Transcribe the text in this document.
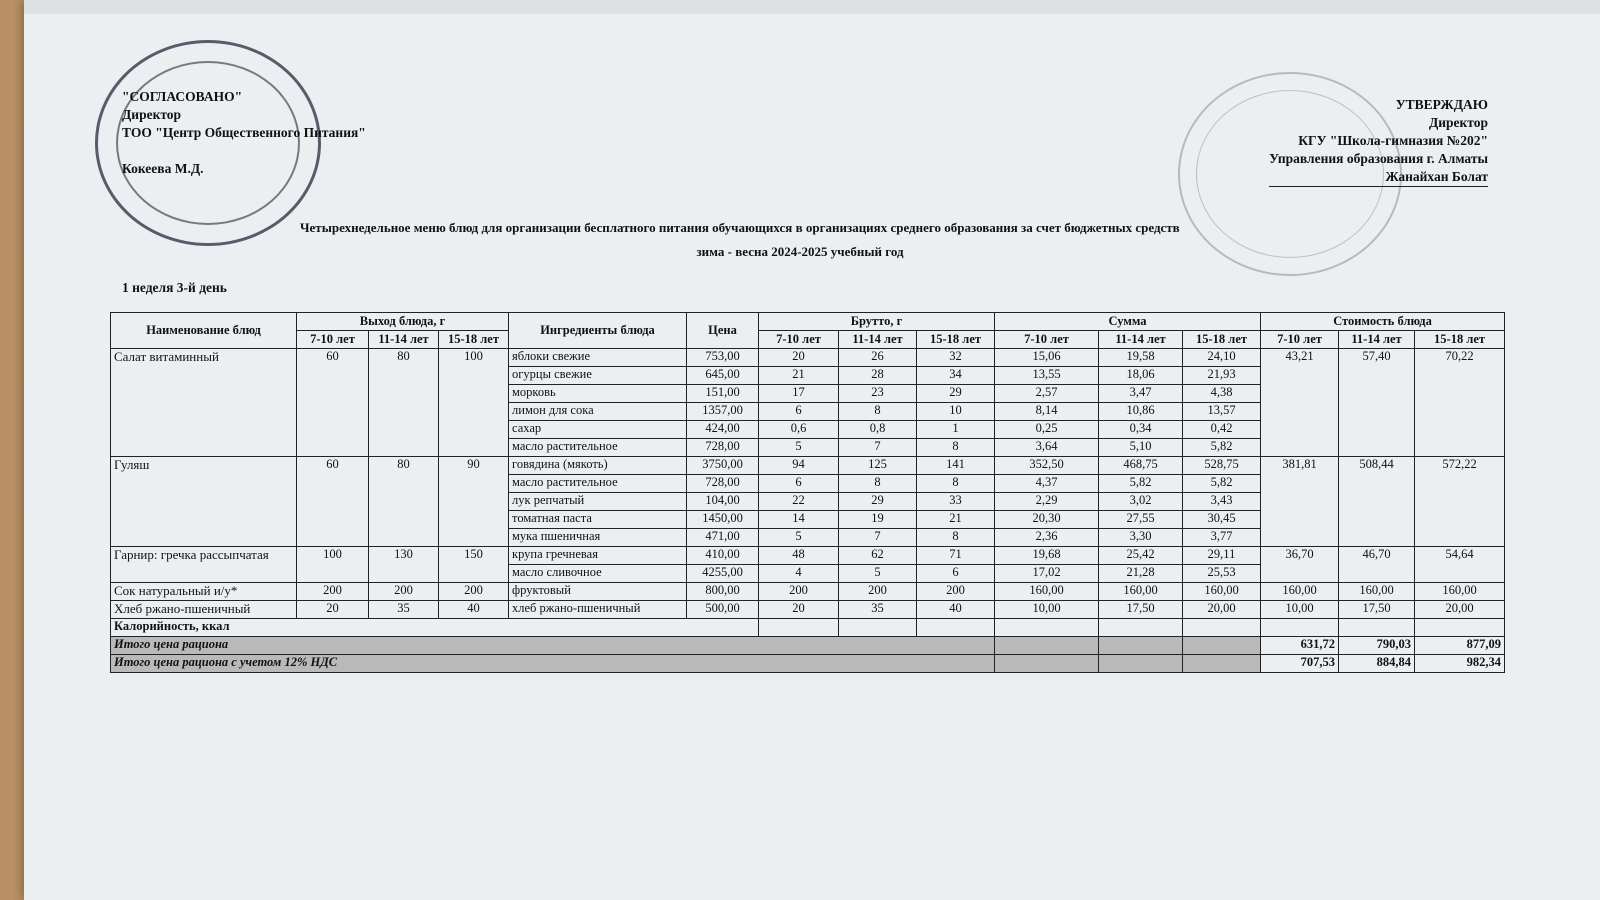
"СОГЛАСОВАНО"
Директор
ТОО "Центр Общественного Питания"
Кокеева М.Д.
УТВЕРЖДАЮ
Директор
КГУ "Школа-гимназия №202"
Управления образования г. Алматы
Жанайхан Болат
Четырехнедельное меню блюд для организации бесплатного питания обучающихся в организациях среднего образования за счет бюджетных средств
зима - весна 2024-2025 учебный год
1 неделя 3-й день
Наименование блюд	Выход блюда, г			Ингредиенты блюда	Цена	Брутто, г			Сумма			Стоимость блюда		
	7-10 лет	11-14 лет	15-18 лет			7-10 лет	11-14 лет	15-18 лет	7-10 лет	11-14 лет	15-18 лет	7-10 лет	11-14 лет	15-18 лет
Салат витаминный	60	80	100	яблоки свежие	753,00	20	26	32	15,06	19,58	24,10	43,21	57,40	70,22
				огурцы свежие	645,00	21	28	34	13,55	18,06	21,93			
				морковь	151,00	17	23	29	2,57	3,47	4,38			
				лимон для сока	1357,00	6	8	10	8,14	10,86	13,57			
				сахар	424,00	0,6	0,8	1	0,25	0,34	0,42			
				масло растительное	728,00	5	7	8	3,64	5,10	5,82			
Гуляш	60	80	90	говядина (мякоть)	3750,00	94	125	141	352,50	468,75	528,75	381,81	508,44	572,22
				масло растительное	728,00	6	8	8	4,37	5,82	5,82			
				лук репчатый	104,00	22	29	33	2,29	3,02	3,43			
				томатная паста	1450,00	14	19	21	20,30	27,55	30,45			
				мука пшеничная	471,00	5	7	8	2,36	3,30	3,77			
Гарнир: гречка рассыпчатая	100	130	150	крупа гречневая	410,00	48	62	71	19,68	25,42	29,11	36,70	46,70	54,64
				масло сливочное	4255,00	4	5	6	17,02	21,28	25,53			
Сок натуральный и/у*	200	200	200	фруктовый	800,00	200	200	200	160,00	160,00	160,00	160,00	160,00	160,00
Хлеб ржано-пшеничный	20	35	40	хлеб ржано-пшеничный	500,00	20	35	40	10,00	17,50	20,00	10,00	17,50	20,00
Калорийность, ккал														
Итого цена рациона												631,72	790,03	877,09
Итого цена рациона с учетом 12% НДС												707,53	884,84	982,34
